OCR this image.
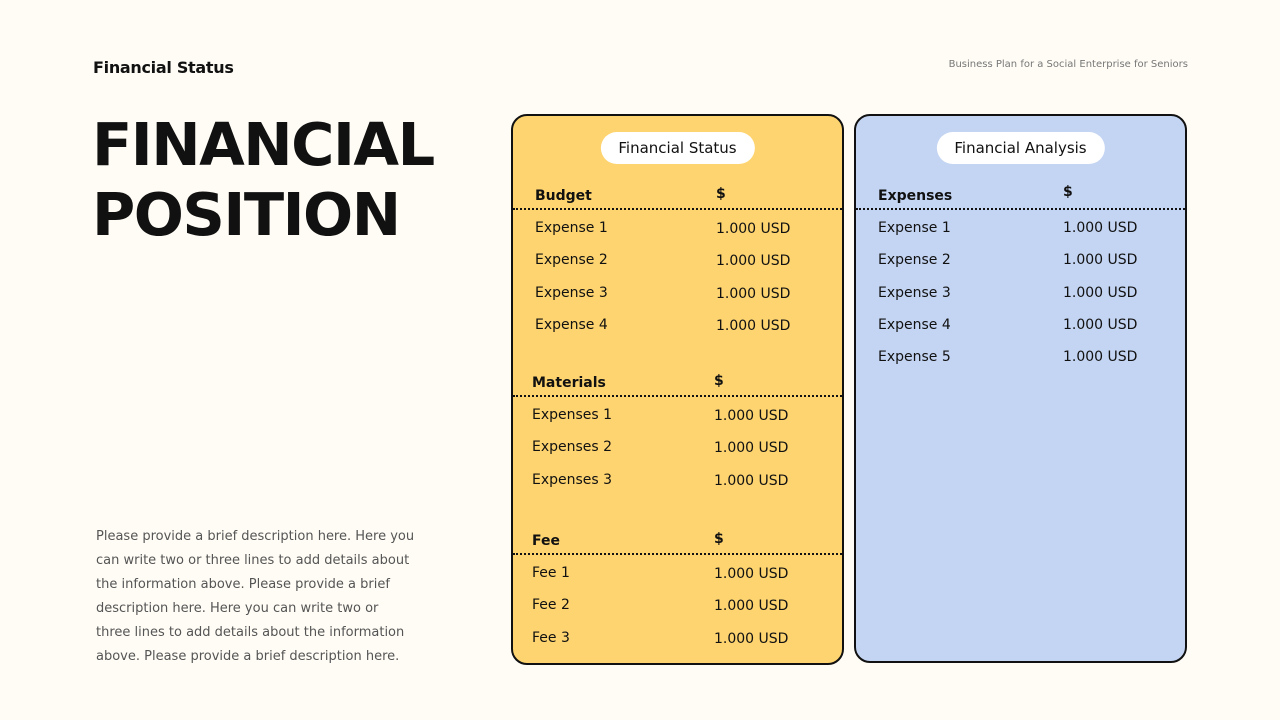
Financial Status	Business Plan for a Social Enterprise for Seniors
FINANCIAL
POSITION

Please provide a brief description here. Here you can write two or three lines to add details about the information above. Please provide a brief description here. Here you can write two or three lines to add details about the information above. Please provide a brief description here.

Financial Status
Budget	$
Expense 1	1.000 USD
Expense 2	1.000 USD
Expense 3	1.000 USD
Expense 4	1.000 USD
Materials	$
Expenses 1	1.000 USD
Expenses 2	1.000 USD
Expenses 3	1.000 USD
Fee	$
Fee 1	1.000 USD
Fee 2	1.000 USD
Fee 3	1.000 USD
Financial Analysis
Expenses	$
Expense 1	1.000 USD
Expense 2	1.000 USD
Expense 3	1.000 USD
Expense 4	1.000 USD
Expense 5	1.000 USD
